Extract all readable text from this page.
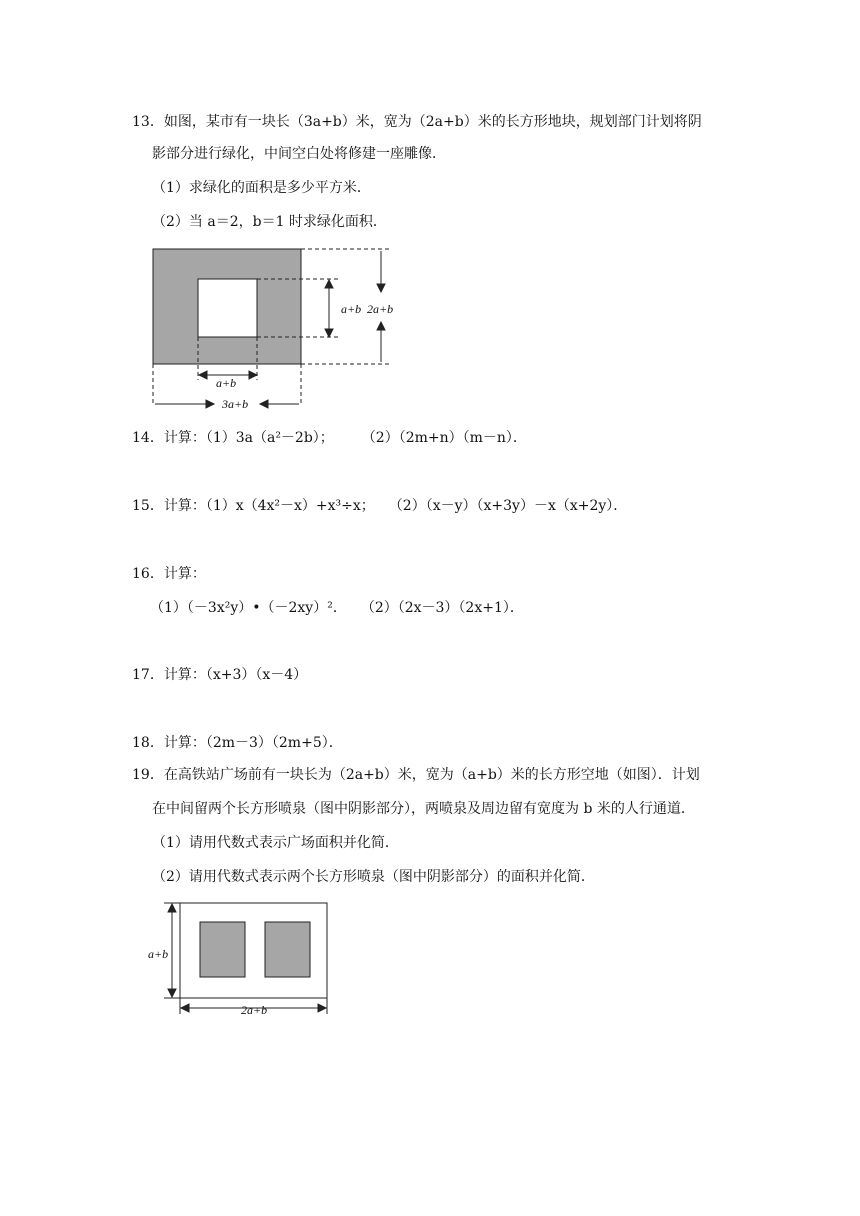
13．如图，某市有一块长（3a+b）米，宽为（2a+b）米的长方形地块，规划部门计划将阴
影部分进行绿化，中间空白处将修建一座雕像．
（1）求绿化的面积是多少平方米．
（2）当 a＝2，b＝1 时求绿化面积．
a+b 2a+b
a+b
3a+b
14．计算：（1）3a（a²－2b）；　　　（2）（2m+n）（m－n）．
15．计算：（1）x（4x²－x）+x³÷x；　　（2）（x－y）（x+3y）－x（x+2y）．
16．计算：
（1）（－3x²y）•（－2xy）²．　　（2）（2x－3）（2x+1）．
17．计算：（x+3）（x－4）
18．计算：（2m－3）（2m+5）．
19．在高铁站广场前有一块长为（2a+b）米，宽为（a+b）米的长方形空地（如图）．计划
在中间留两个长方形喷泉（图中阴影部分），两喷泉及周边留有宽度为 b 米的人行通道．
（1）请用代数式表示广场面积并化简．
（2）请用代数式表示两个长方形喷泉（图中阴影部分）的面积并化简．
a+b
2a+b
